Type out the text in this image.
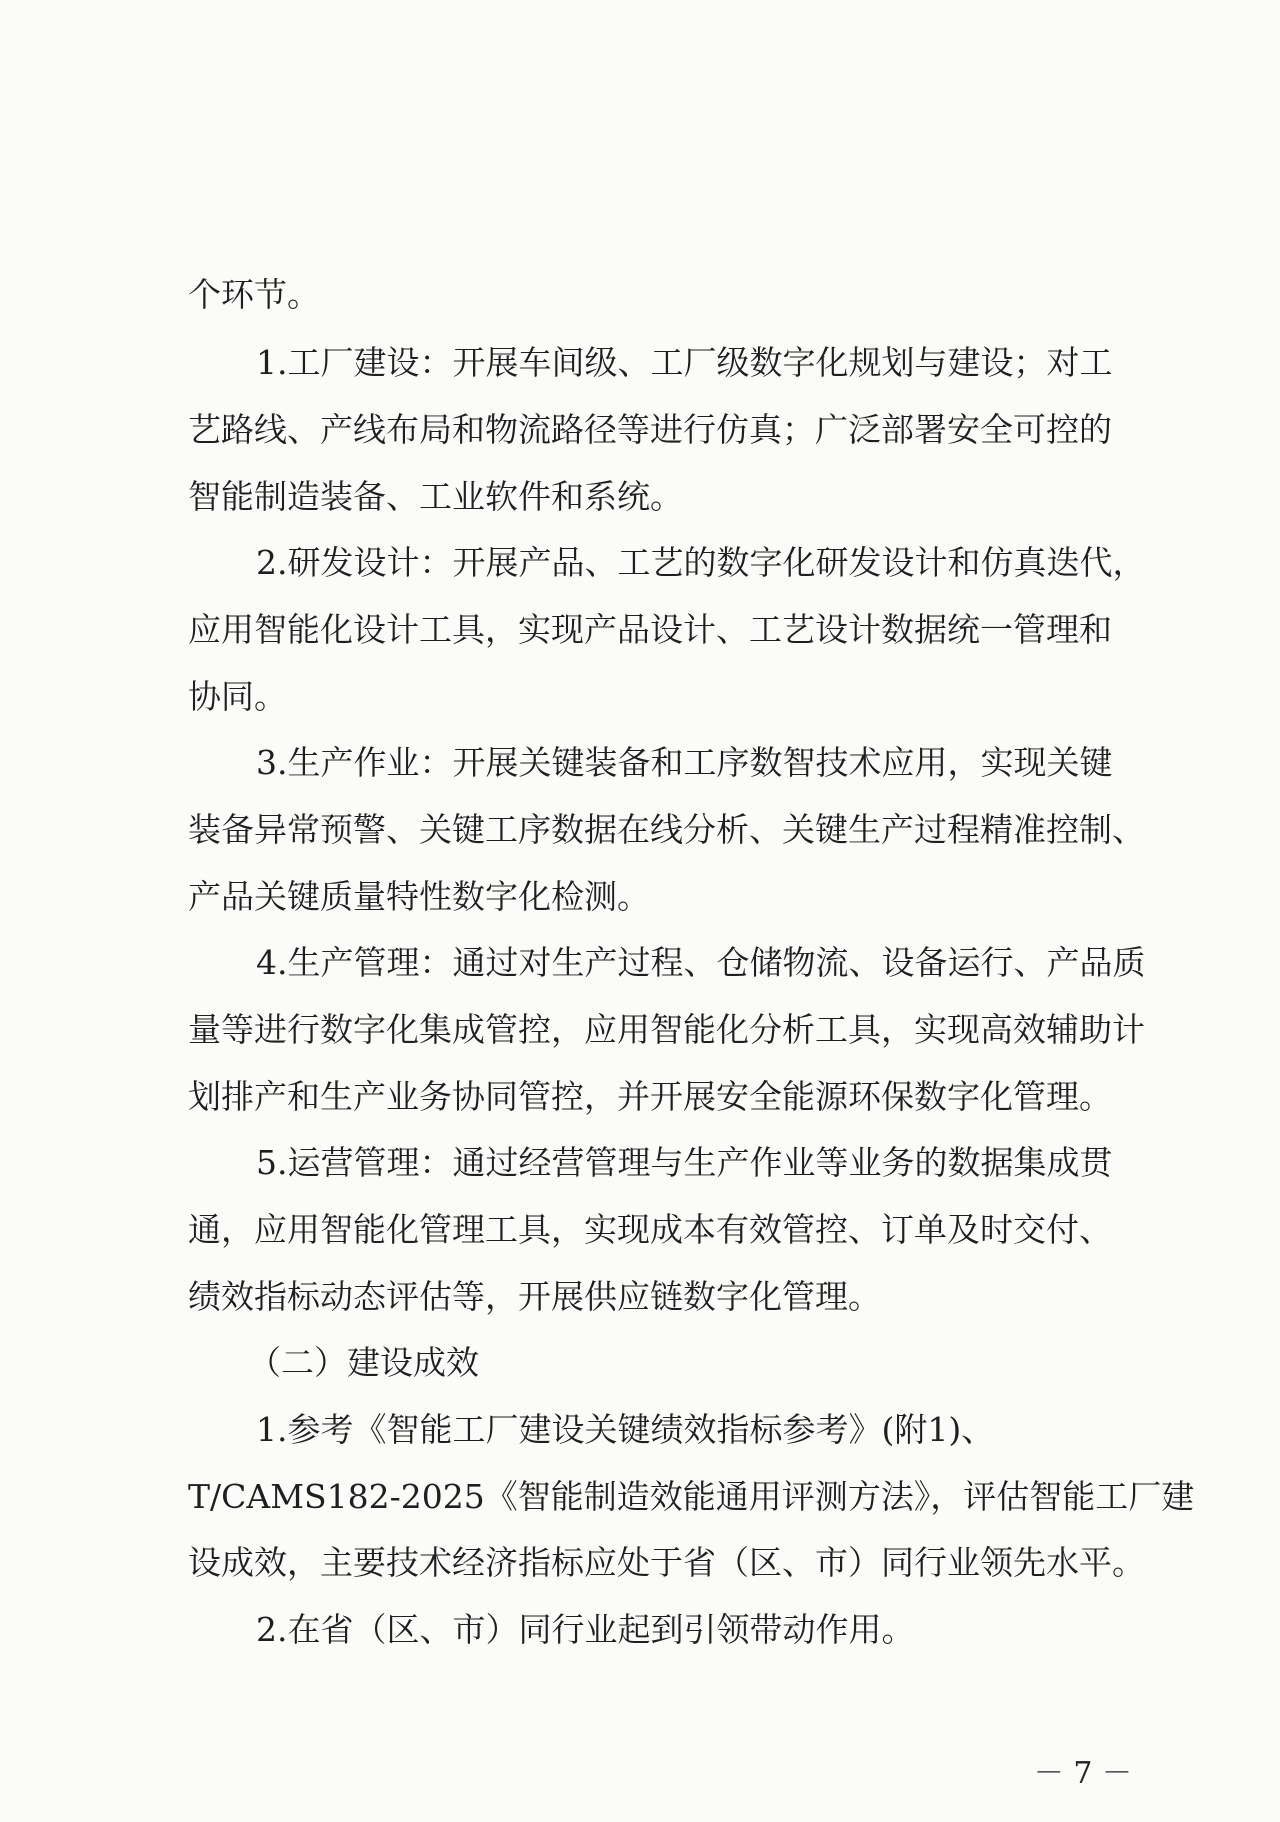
个环节。
1.工厂建设：开展车间级、工厂级数字化规划与建设；对工
艺路线、产线布局和物流路径等进行仿真；广泛部署安全可控的
智能制造装备、工业软件和系统。
2.研发设计：开展产品、工艺的数字化研发设计和仿真迭代，
应用智能化设计工具，实现产品设计、工艺设计数据统一管理和
协同。
3.生产作业：开展关键装备和工序数智技术应用，实现关键
装备异常预警、关键工序数据在线分析、关键生产过程精准控制、
产品关键质量特性数字化检测。
4.生产管理：通过对生产过程、仓储物流、设备运行、产品质
量等进行数字化集成管控，应用智能化分析工具，实现高效辅助计
划排产和生产业务协同管控，并开展安全能源环保数字化管理。
5.运营管理：通过经营管理与生产作业等业务的数据集成贯
通，应用智能化管理工具，实现成本有效管控、订单及时交付、
绩效指标动态评估等，开展供应链数字化管理。
（二）建设成效
1.参考《智能工厂建设关键绩效指标参考》(附1)、
T/CAMS182-2025《智能制造效能通用评测方法》，评估智能工厂建
设成效，主要技术经济指标应处于省（区、市）同行业领先水平。
2.在省（区、市）同行业起到引领带动作用。
－ 7 －
